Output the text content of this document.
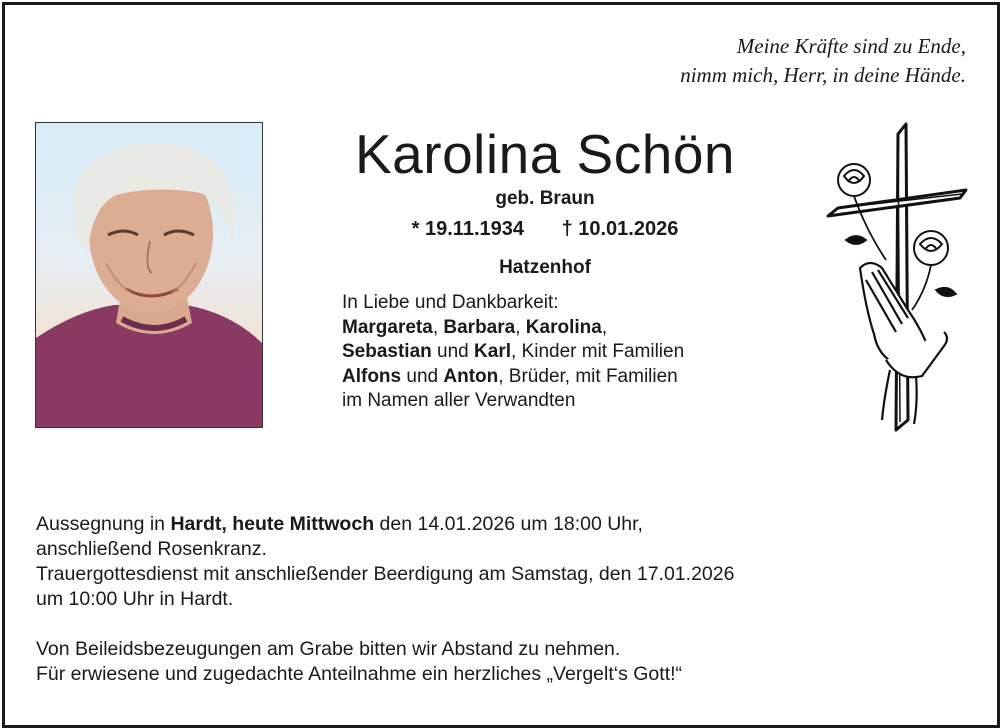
Meine Kräfte sind zu Ende,
nimm mich, Herr, in deine Hände.
Karolina Schön
geb. Braun
* 19.11.1934 † 10.01.2026
Hatzenhof
In Liebe und Dankbarkeit:
Margareta, Barbara, Karolina,
Sebastian und Karl, Kinder mit Familien
Alfons und Anton, Brüder, mit Familien
im Namen aller Verwandten
Aussegnung in Hardt, heute Mittwoch den 14.01.2026 um 18:00 Uhr,
anschließend Rosenkranz.
Trauergottesdienst mit anschließender Beerdigung am Samstag, den 17.01.2026
um 10:00 Uhr in Hardt.
Von Beileidsbezeugungen am Grabe bitten wir Abstand zu nehmen.
Für erwiesene und zugedachte Anteilnahme ein herzliches „Vergelt‘s Gott!“
